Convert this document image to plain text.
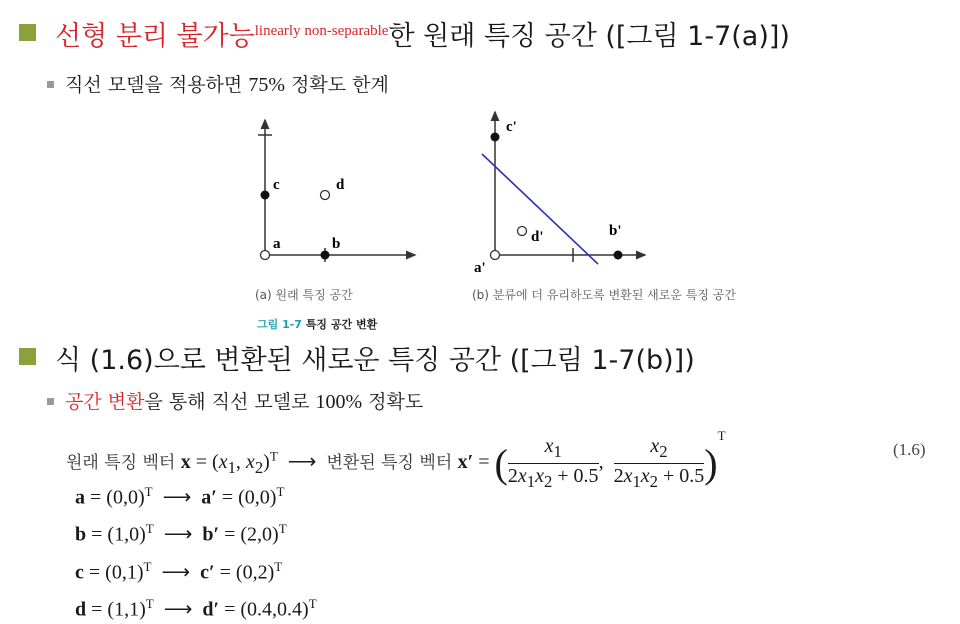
선형 분리 불가능$^{linearly non-separable}$한 원래 특징 공간 ([그림 1-7(a)])
직선 모델을 적용하면 75% 정확도 한계
a	b
c	d
a'
b'
c'
d'
(a) 원래 특징 공간	(b) 분류에 더 유리하도록 변환된 새로운 특징 공간
그림 1-7 특징 공간 변환
식 (1.6)으로 변환된 새로운 특징 공간 ([그림 1-7(b)])
공간 변환을 통해 직선 모델로 100% 정확도
원래 특징 벡터 $x = (x_1$, $x_2)^T$  ⟶  변환된 특징 벡터 x′ = ( $\frac{x_1}{2x_1x_2 + 0.5}$ , $\frac{x_2}{2x_1x_2 + 0.5} )^T$
(1.6)
$a = (0,0)^T$  ⟶  $a' = (0,0)^T$
$b = (1,0)^T$  ⟶  $b' = (2,0)^T$
$c = (0,1)^T$  ⟶  $c' = (0,2)^T$
$d = (1,1)^T$  ⟶  $d' = (0.4,0.4)^T$
